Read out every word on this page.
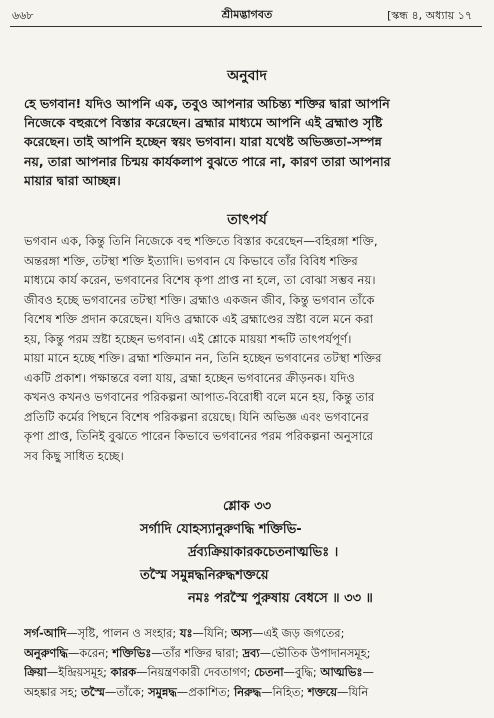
৬৬৮	শ্রীমদ্ভাগবত	[স্কন্ধ ৪, অধ্যায় ১৭
অনুবাদ
হে ভগবান! যদিও আপনি এক, তবুও আপনার অচিন্ত্য শক্তির দ্বারা আপনি
নিজেকে বহুরূপে বিস্তার করেছেন। ব্রহ্মার মাধ্যমে আপনি এই ব্রহ্মাণ্ড সৃষ্টি
করেছেন। তাই আপনি হচ্ছেন স্বয়ং ভগবান। যারা যথেষ্ট অভিজ্ঞতা-সম্পন্ন
নয়, তারা আপনার চিন্ময় কার্যকলাপ বুঝতে পারে না, কারণ তারা আপনার
মায়ার দ্বারা আচ্ছন্ন।
তাৎপর্য
ভগবান এক, কিন্তু তিনি নিজেকে বহু শক্তিতে বিস্তার করেছেন—বহিরঙ্গা শক্তি,
অন্তরঙ্গা শক্তি, তটস্থা শক্তি ইত্যাদি। ভগবান যে কিভাবে তাঁর বিবিধ শক্তির
মাধ্যমে কার্য করেন, ভগবানের বিশেষ কৃপা প্রাপ্ত না হলে, তা বোঝা সম্ভব নয়।
জীবও হচ্ছে ভগবানের তটস্থা শক্তি। ব্রহ্মাও একজন জীব, কিন্তু ভগবান তাঁকে
বিশেষ শক্তি প্রদান করেছেন। যদিও ব্রহ্মাকে এই ব্রহ্মাণ্ডের স্রষ্টা বলে মনে করা
হয়, কিন্তু পরম স্রষ্টা হচ্ছেন ভগবান। এই শ্লোকে মায়য়া শব্দটি তাৎপর্যপূর্ণ।
মায়া মানে হচ্ছে শক্তি। ব্রহ্মা শক্তিমান নন, তিনি হচ্ছেন ভগবানের তটস্থা শক্তির
একটি প্রকাশ। পক্ষান্তরে বলা যায়, ব্রহ্মা হচ্ছেন ভগবানের ক্রীড়নক। যদিও
কখনও কখনও ভগবানের পরিকল্পনা আপাত-বিরোধী বলে মনে হয়, কিন্তু তার
প্রতিটি কর্মের পিছনে বিশেষ পরিকল্পনা রয়েছে। যিনি অভিজ্ঞ এবং ভগবানের
কৃপা প্রাপ্ত, তিনিই বুঝতে পারেন কিভাবে ভগবানের পরম পরিকল্পনা অনুসারে
সব কিছু সাধিত হচ্ছে।
শ্লোক ৩৩
সর্গাদি যোহস্যানুরুণদ্ধি শক্তিভি-
র্দ্রব্যক্রিয়াকারকচেতনাত্মভিঃ ।
তস্মৈ সমুন্নদ্ধনিরুদ্ধশক্তয়ে
নমঃ পরস্মৈ পুরুষায় বেধসে ॥ ৩৩ ॥
সর্গ-আদি—সৃষ্টি, পালন ও সংহার; যঃ—যিনি; অস্য—এই জড় জগতের;
অনুরুণদ্ধি—করেন; শক্তিভিঃ—তাঁর শক্তির দ্বারা; দ্রব্য—ভৌতিক উপাদানসমূহ;
ক্রিয়া—ইন্দ্রিয়সমূহ; কারক—নিয়ন্ত্রণকারী দেবতাগণ; চেতনা—বুদ্ধি; আত্মভিঃ—
অহঙ্কার সহ; তস্মৈ—তাঁকে; সমুন্নদ্ধ—প্রকাশিত; নিরুদ্ধ—নিহিত; শক্তয়ে—যিনি
